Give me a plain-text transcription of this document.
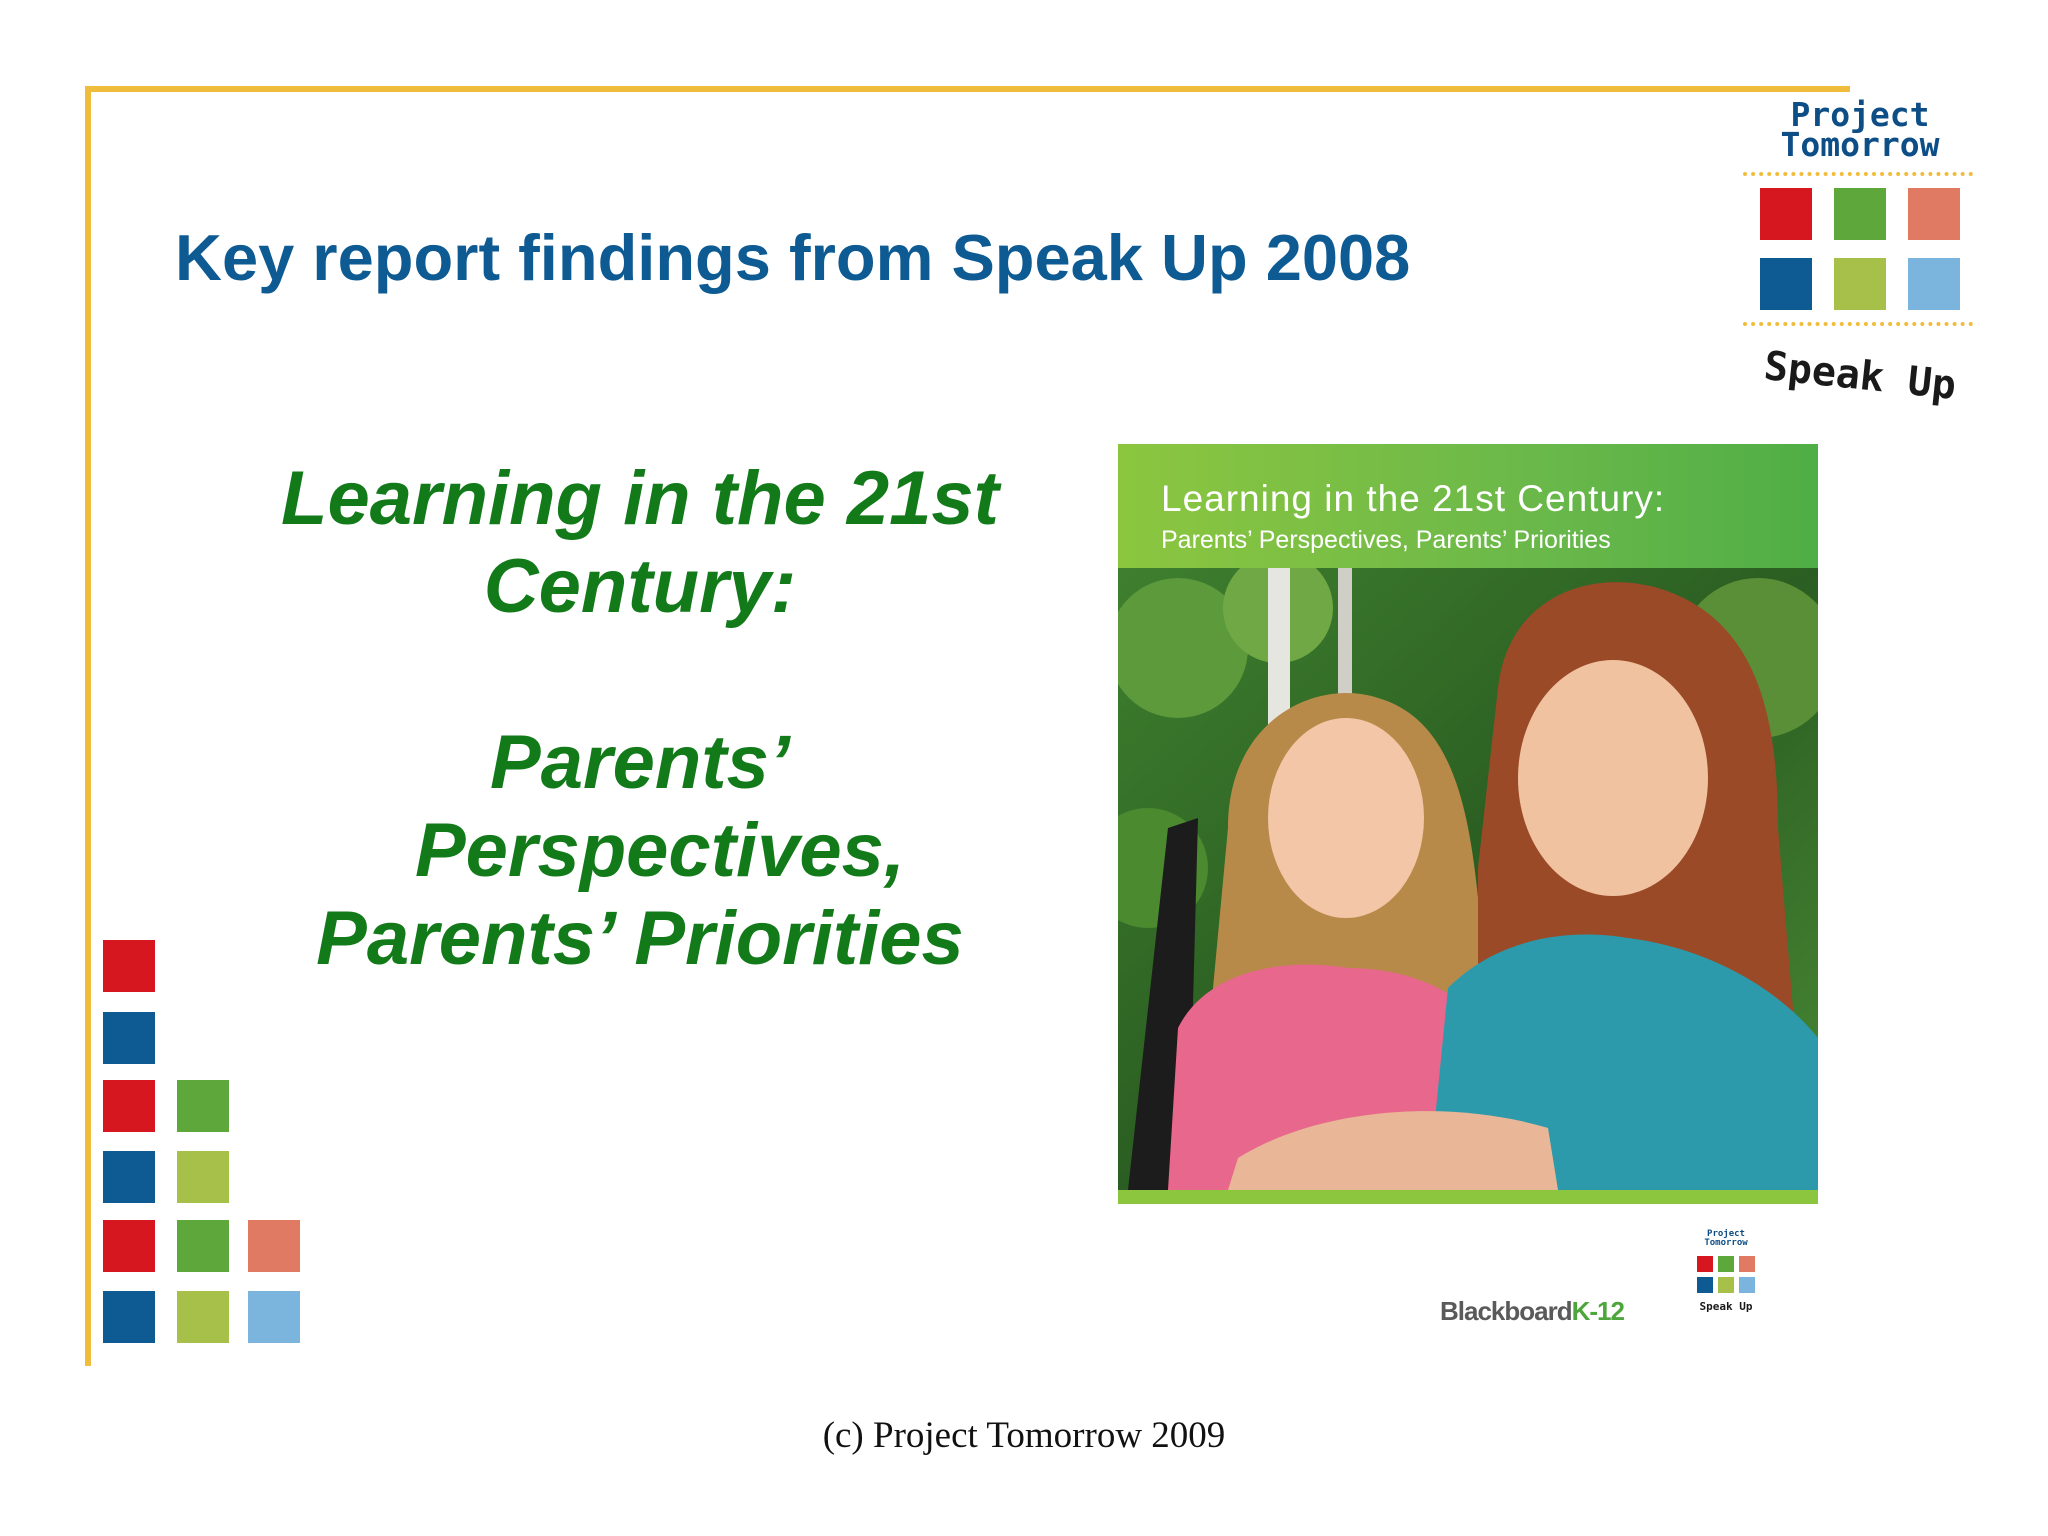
Key report findings from Speak Up 2008
Project
Tomorrow
Speak Up
Learning in the 21st
Century:
Parents’
Perspectives,
Parents’ Priorities
Learning in the 21st Century:
Parents’ Perspectives, Parents’ Priorities
BlackboardK-12
Project
Tomorrow
Speak Up
(c) Project Tomorrow 2009
